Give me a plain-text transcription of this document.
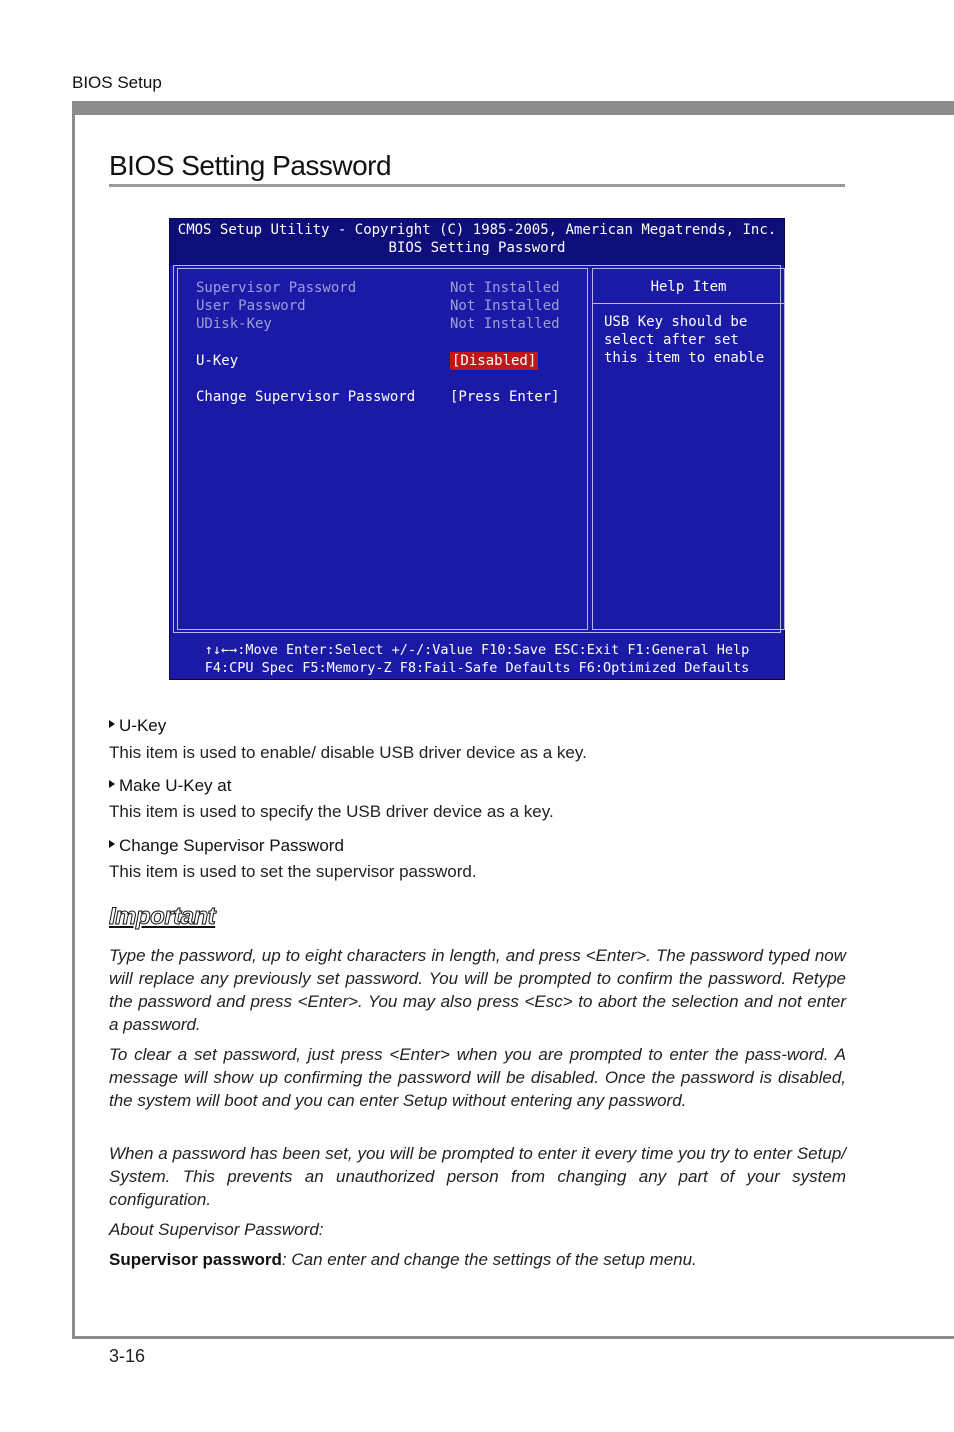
BIOS Setup
BIOS Setting Password
CMOS Setup Utility - Copyright (C) 1985-2005, American Megatrends, Inc.
BIOS Setting Password
Supervisor Password	Not Installed
User Password	Not Installed
UDisk-Key	Not Installed
U-Key	[Disabled]
Change Supervisor Password [Press Enter]
Help Item
USB Key should be select after set this item to enable
↑↓←→:Move Enter:Select +/-/:Value F10:Save ESC:Exit F1:General Help
F4:CPU Spec F5:Memory-Z F8:Fail-Safe Defaults F6:Optimized Defaults
U-Key
This item is used to enable/ disable USB driver device as a key.
Make U-Key at
This item is used to specify the USB driver device as a key.
Change Supervisor Password
This item is used to set the supervisor password.
Important

Type the password, up to eight characters in length, and press <Enter>. The password typed now will replace any previously set password. You will be prompted to confirm the password. Retype the password and press <Enter>. You may also press <Esc> to abort the selection and not enter a password.

To clear a set password, just press <Enter> when you are prompted to enter the pass-word. A message will show up confirming the password will be disabled. Once the password is disabled, the system will boot and you can enter Setup without entering any password.

When a password has been set, you will be prompted to enter it every time you try to enter Setup/ System. This prevents an unauthorized person from changing any part of your system configuration.

About Supervisor Password:

Supervisor password: Can enter and change the settings of the setup menu.

3-16
